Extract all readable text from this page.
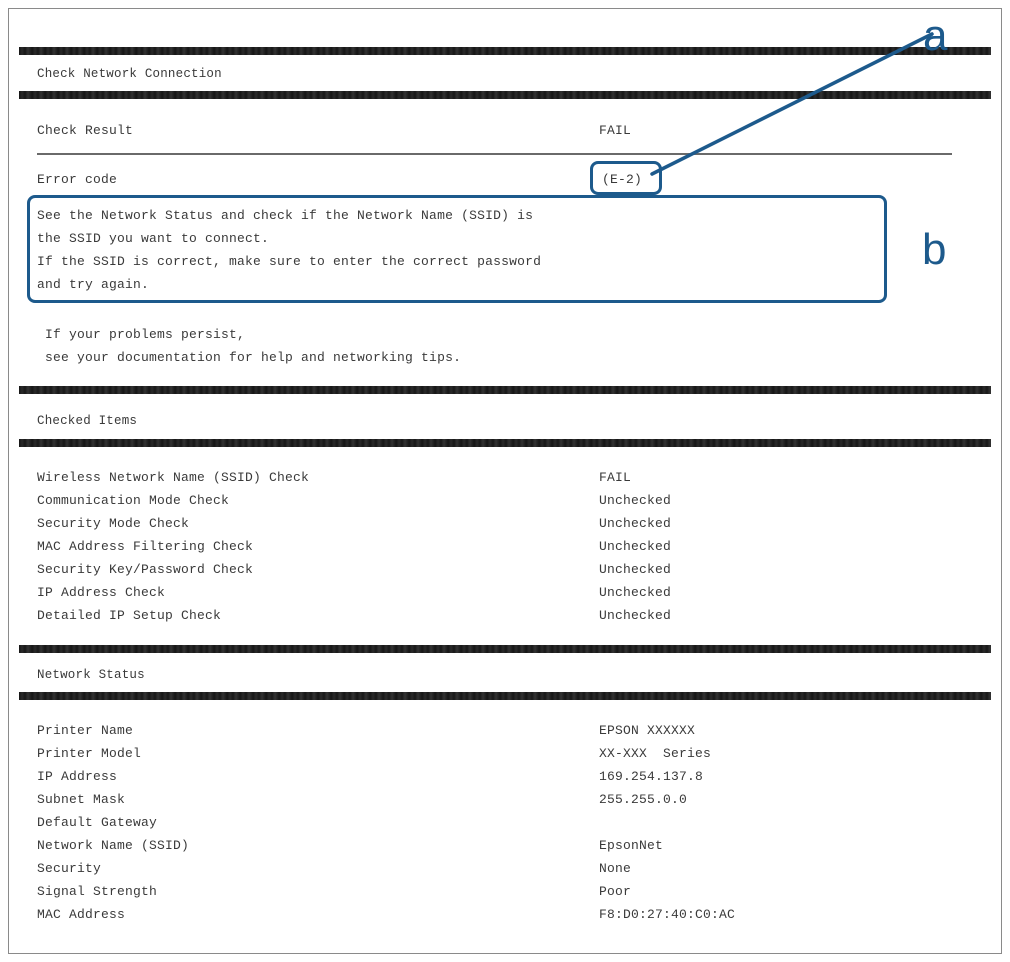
Check Network Connection
Check Result	FAIL
Error code	(E-2)
See the Network Status and check if the Network Name (SSID) is
the SSID you want to connect.
If the SSID is correct, make sure to enter the correct password
and try again.
If your problems persist,
see your documentation for help and networking tips.
Checked Items
Wireless Network Name (SSID) Check	FAIL
Communication Mode Check	Unchecked
Security Mode Check	Unchecked
MAC Address Filtering Check	Unchecked
Security Key/Password Check	Unchecked
IP Address Check	Unchecked
Detailed IP Setup Check	Unchecked
Network Status
Printer Name	EPSON XXXXXX
Printer Model	XX-XXX  Series
IP Address	169.254.137.8
Subnet Mask	255.255.0.0
Default Gateway
Network Name (SSID)	EpsonNet
Security	None
Signal Strength	Poor
MAC Address	F8:D0:27:40:C0:AC
a
b
